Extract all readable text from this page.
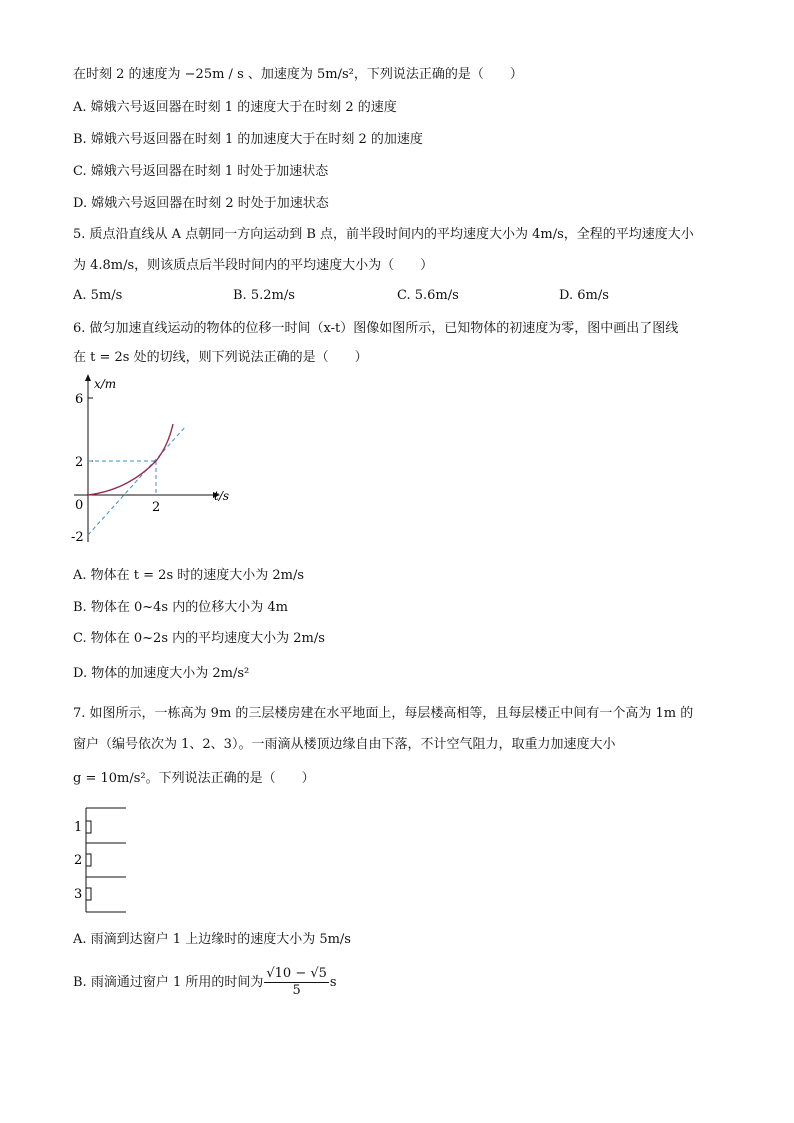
在时刻 2 的速度为 −25m / s 、加速度为 5m/s²，下列说法正确的是（　　）
A. 嫦娥六号返回器在时刻 1 的速度大于在时刻 2 的速度
B. 嫦娥六号返回器在时刻 1 的加速度大于在时刻 2 的加速度
C. 嫦娥六号返回器在时刻 1 时处于加速状态
D. 嫦娥六号返回器在时刻 2 时处于加速状态
5. 质点沿直线从 A 点朝同一方向运动到 B 点，前半段时间内的平均速度大小为 4m/s，全程的平均速度大小
为 4.8m/s，则该质点后半段时间内的平均速度大小为（　　）
A. 5m/s	B. 5.2m/s	C. 5.6m/s	D. 6m/s
6. 做匀加速直线运动的物体的位移一时间（x-t）图像如图所示，已知物体的初速度为零，图中画出了图线
在 t = 2s 处的切线，则下列说法正确的是（　　）
x/m
t/s
6
2
-2
0	2
A. 物体在 t = 2s 时的速度大小为 2m/s
B. 物体在 0~4s 内的位移大小为 4m
C. 物体在 0~2s 内的平均速度大小为 2m/s
D. 物体的加速度大小为 2m/s²
7. 如图所示，一栋高为 9m 的三层楼房建在水平地面上，每层楼高相等，且每层楼正中间有一个高为 1m 的
窗户（编号依次为 1、2、3）。一雨滴从楼顶边缘自由下落，不计空气阻力，取重力加速度大小
g = 10m/s²。下列说法正确的是（　　）
1
2
3
A. 雨滴到达窗户 1 上边缘时的速度大小为 5m/s
B. 雨滴通过窗户 1 所用的时间为 $\frac{√10 - √5}{5}$ s
